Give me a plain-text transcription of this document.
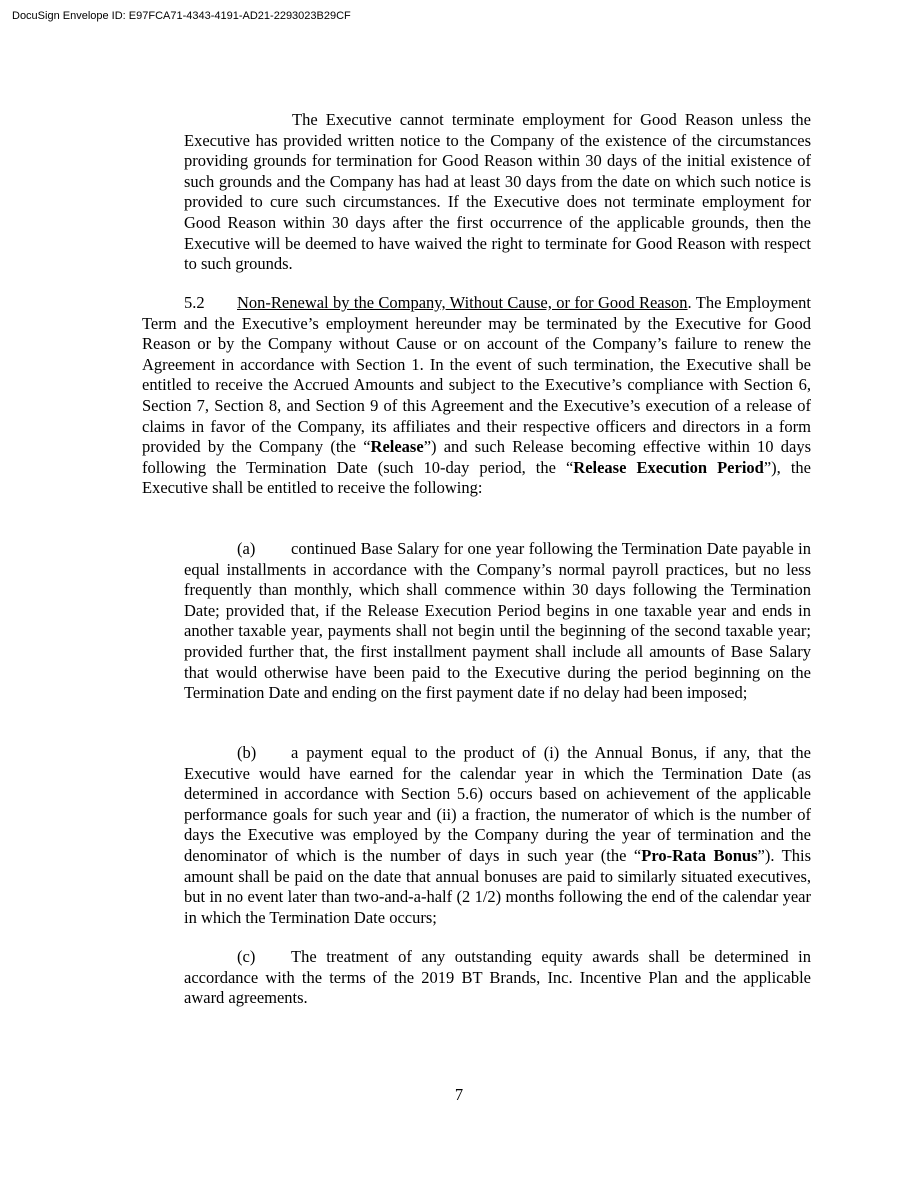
DocuSign Envelope ID: E97FCA71-4343-4191-AD21-2293023B29CF

The Executive cannot terminate employment for Good Reason unless the Executive has provided written notice to the Company of the existence of the circumstances providing grounds for termination for Good Reason within 30 days of the initial existence of such grounds and the Company has had at least 30 days from the date on which such notice is provided to cure such circumstances. If the Executive does not terminate employment for Good Reason within 30 days after the first occurrence of the applicable grounds, then the Executive will be deemed to have waived the right to terminate for Good Reason with respect to such grounds.

5.2 Non-Renewal by the Company, Without Cause, or for Good Reason. The Employment Term and the Executive’s employment hereunder may be terminated by the Executive for Good Reason or by the Company without Cause or on account of the Company’s failure to renew the Agreement in accordance with Section 1. In the event of such termination, the Executive shall be entitled to receive the Accrued Amounts and subject to the Executive’s compliance with Section 6, Section 7, Section 8, and Section 9 of this Agreement and the Executive’s execution of a release of claims in favor of the Company, its affiliates and their respective officers and directors in a form provided by the Company (the “Release”) and such Release becoming effective within 10 days following the Termination Date (such 10-day period, the “Release Execution Period”), the Executive shall be entitled to receive the following:

(a) continued Base Salary for one year following the Termination Date payable in equal installments in accordance with the Company’s normal payroll practices, but no less frequently than monthly, which shall commence within 30 days following the Termination Date; provided that, if the Release Execution Period begins in one taxable year and ends in another taxable year, payments shall not begin until the beginning of the second taxable year; provided further that, the first installment payment shall include all amounts of Base Salary that would otherwise have been paid to the Executive during the period beginning on the Termination Date and ending on the first payment date if no delay had been imposed;

(b) a payment equal to the product of (i) the Annual Bonus, if any, that the Executive would have earned for the calendar year in which the Termination Date (as determined in accordance with Section 5.6) occurs based on achievement of the applicable performance goals for such year and (ii) a fraction, the numerator of which is the number of days the Executive was employed by the Company during the year of termination and the denominator of which is the number of days in such year (the “Pro-Rata Bonus”). This amount shall be paid on the date that annual bonuses are paid to similarly situated executives, but in no event later than two-and-a-half (2 1/2) months following the end of the calendar year in which the Termination Date occurs;

(c) The treatment of any outstanding equity awards shall be determined in accordance with the terms of the 2019 BT Brands, Inc. Incentive Plan and the applicable award agreements.

7
